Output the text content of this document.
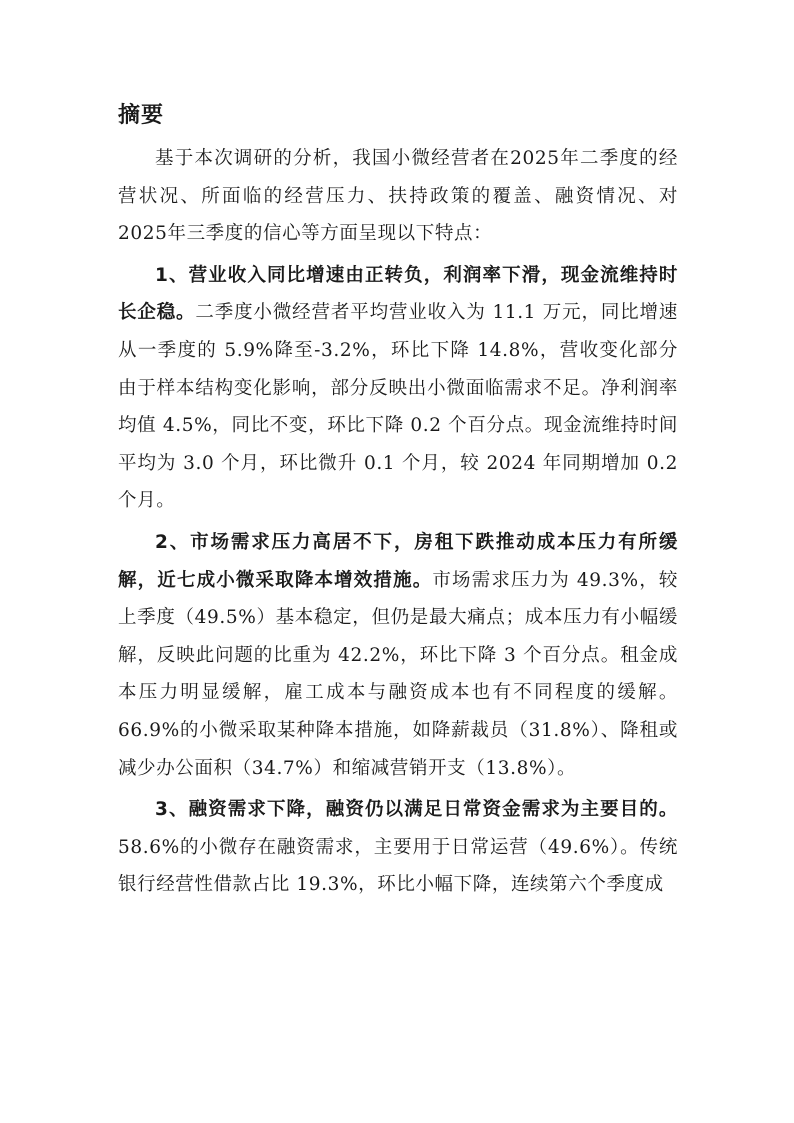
摘要

基于本次调研的分析，我国小微经营者在2025年二季度的经营状况、所面临的经营压力、扶持政策的覆盖、融资情况、对2025年三季度的信心等方面呈现以下特点：

1、营业收入同比增速由正转负，利润率下滑，现金流维持时长企稳。二季度小微经营者平均营业收入为 11.1 万元，同比增速从一季度的 5.9%降至-3.2%，环比下降 14.8%，营收变化部分由于样本结构变化影响，部分反映出小微面临需求不足。净利润率均值 4.5%，同比不变，环比下降 0.2 个百分点。现金流维持时间平均为 3.0 个月，环比微升 0.1 个月，较 2024 年同期增加 0.2 个月。

2、市场需求压力高居不下，房租下跌推动成本压力有所缓解，近七成小微采取降本增效措施。市场需求压力为 49.3%，较上季度（49.5%）基本稳定，但仍是最大痛点；成本压力有小幅缓解，反映此问题的比重为 42.2%，环比下降 3 个百分点。租金成本压力明显缓解，雇工成本与融资成本也有不同程度的缓解。66.9%的小微采取某种降本措施，如降薪裁员（31.8%）、降租或减少办公面积（34.7%）和缩减营销开支（13.8%）。

3、融资需求下降，融资仍以满足日常资金需求为主要目的。58.6%的小微存在融资需求，主要用于日常运营（49.6%）。传统银行经营性借款占比 19.3%，环比小幅下降，连续第六个季度成
